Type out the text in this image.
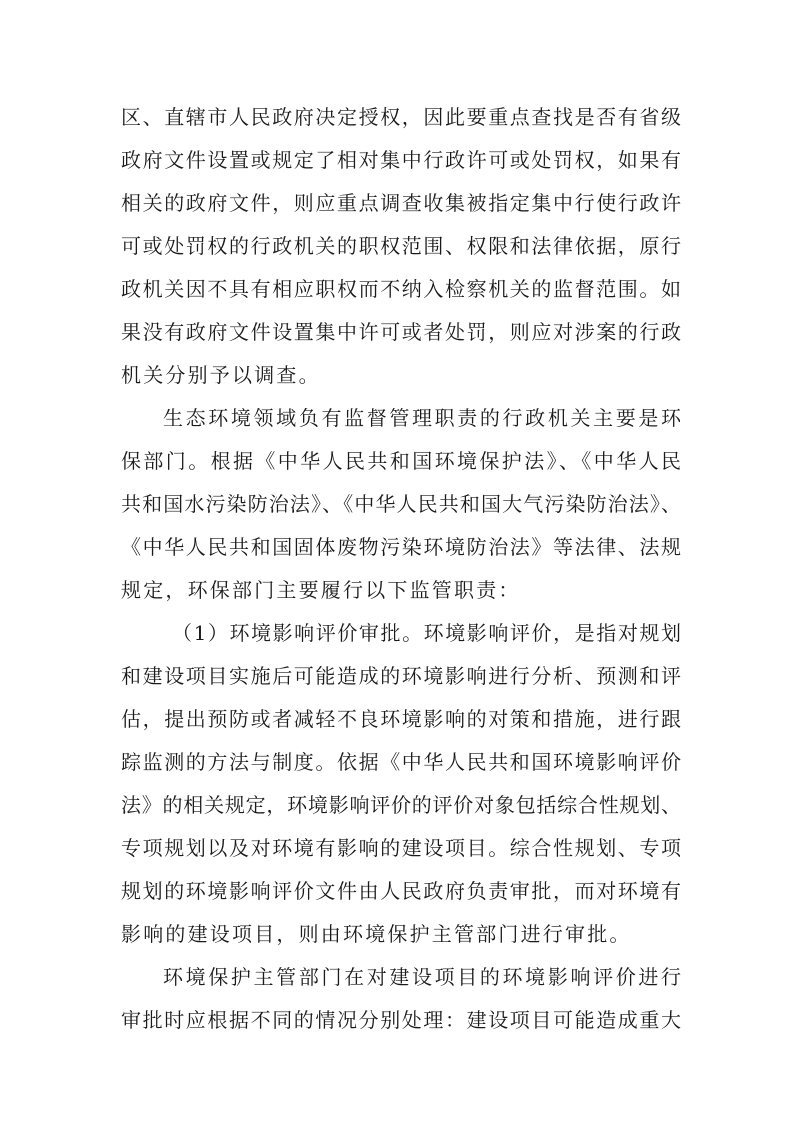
区、直辖市人民政府决定授权，因此要重点查找是否有省级
政府文件设置或规定了相对集中行政许可或处罚权，如果有
相关的政府文件，则应重点调查收集被指定集中行使行政许
可或处罚权的行政机关的职权范围、权限和法律依据，原行
政机关因不具有相应职权而不纳入检察机关的监督范围。如
果没有政府文件设置集中许可或者处罚，则应对涉案的行政
机关分别予以调查。
生态环境领域负有监督管理职责的行政机关主要是环
保部门。根据《中华人民共和国环境保护法》、《中华人民
共和国水污染防治法》、《中华人民共和国大气污染防治法》、
《中华人民共和国固体废物污染环境防治法》等法律、法规
规定，环保部门主要履行以下监管职责：
（1）环境影响评价审批。环境影响评价，是指对规划
和建设项目实施后可能造成的环境影响进行分析、预测和评
估，提出预防或者减轻不良环境影响的对策和措施，进行跟
踪监测的方法与制度。依据《中华人民共和国环境影响评价
法》的相关规定，环境影响评价的评价对象包括综合性规划、
专项规划以及对环境有影响的建设项目。综合性规划、专项
规划的环境影响评价文件由人民政府负责审批，而对环境有
影响的建设项目，则由环境保护主管部门进行审批。
环境保护主管部门在对建设项目的环境影响评价进行
审批时应根据不同的情况分别处理：建设项目可能造成重大
